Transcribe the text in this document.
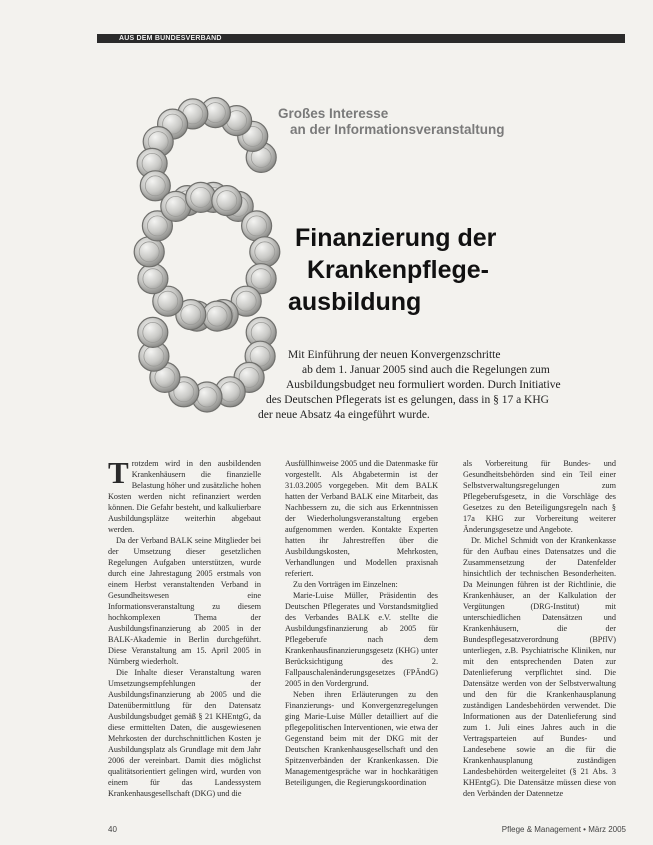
AUS DEM BUNDESVERBAND
Großes Interesse
an der Informationsveranstaltung
Finanzierung der
Krankenpflege-
ausbildung
Mit Einführung der neuen Konvergenzschritte
ab dem 1. Januar 2005 sind auch die Regelungen zum
Ausbildungsbudget neu formuliert worden. Durch Initiative
des Deutschen Pflegerats ist es gelungen, dass in § 17 a KHG
der neue Absatz 4a eingeführt wurde.

Trotzdem wird in den ausbildenden Krankenhäusern die finanzielle Belastung höher und zusätzliche hohen Kosten werden nicht refinanziert werden können. Die Gefahr besteht, und kalkulierbare Ausbildungsplätze weiterhin abgebaut werden.

Da der Verband BALK seine Mitglieder bei der Umsetzung dieser gesetzlichen Regelungen Aufgaben unterstützen, wurde durch eine Jahrestagung 2005 erstmals von einem Herbst veranstaltenden Verband in Gesundheitswesen eine Informationsveranstaltung zu diesem hochkomplexen Thema der Ausbildungsfinanzierung ab 2005 in der BALK-Akademie in Berlin durchgeführt. Diese Veranstaltung am 15. April 2005 in Nürnberg wiederholt.

Die Inhalte dieser Veranstaltung waren Umsetzungsempfehlungen der Ausbildungsfinanzierung ab 2005 und die Datenübermittlung für den Datensatz Ausbildungsbudget gemäß § 21 KHEntgG, da diese ermittelten Daten, die ausgewiesenen Mehrkosten der durchschnittlichen Kosten je Ausbildungsplatz als Grundlage mit dem Jahr 2006 der vereinbart. Damit dies möglichst qualitätsorientiert gelingen wird, wurden von einem für das Landessystem Krankenhausgesellschaft (DKG) und die

Ausfüllhinweise 2005 und die Datenmaske für vorgestellt. Als Abgabetermin ist der 31.03.2005 vorgegeben. Mit dem BALK hatten der Verband BALK eine Mitarbeit, das Nachbessern zu, die sich aus Erkenntnissen der Wiederholungsveranstaltung ergeben aufgenommen werden. Kontakte Experten hatten ihr Jahrestreffen über die Ausbildungskosten, Mehrkosten, Verhandlungen und Modellen praxisnah referiert.

Zu den Vorträgen im Einzelnen:

Marie-Luise Müller, Präsidentin des Deutschen Pflegerates und Vorstandsmitglied des Verbandes BALK e.V. stellte die Ausbildungsfinanzierung ab 2005 für Pflegeberufe nach dem Krankenhausfinanzierungsgesetz (KHG) unter Berücksichtigung des 2. Fallpauschalenänderungsgesetzes (FPÄndG) 2005 in den Vordergrund.

Neben ihren Erläuterungen zu den Finanzierungs- und Konvergenzregelungen ging Marie-Luise Müller detailliert auf die pflegepolitischen Interventionen, wie etwa der Gegenstand beim mit der DKG mit der Deutschen Krankenhausgesellschaft und den Spitzenverbänden der Krankenkassen. Die Managementgespräche war in hochkarätigen Beteiligungen, die Regierungskoordination

als Vorbereitung für Bundes- und Gesundheitsbehörden sind ein Teil einer Selbstverwaltungsregelungen zum Pflegeberufsgesetz, in die Vorschläge des Gesetzes zu den Beteiligungsregeln nach § 17a KHG zur Vorbereitung weiterer Änderungsgesetze und Angebote.

Dr. Michel Schmidt von der Krankenkasse für den Aufbau eines Datensatzes und die Zusammensetzung der Datenfelder hinsichtlich der technischen Besonderheiten. Da Meinungen führen ist der Richtlinie, die Krankenhäuser, an der Kalkulation der Vergütungen (DRG-Institut) mit unterschiedlichen Datensätzen und Krankenhäusern, die der Bundespflegesatzverordnung (BPflV) unterliegen, z.B. Psychiatrische Kliniken, nur mit den entsprechenden Daten zur Datenlieferung verpflichtet sind. Die Datensätze werden von der Selbstverwaltung und den für die Krankenhausplanung zuständigen Landesbehörden verwendet. Die Informationen aus der Datenlieferung sind zum 1. Juli eines Jahres auch in die Vertragsparteien auf Bundes- und Landesebene sowie an die für die Krankenhausplanung zuständigen Landesbehörden weitergeleitet (§ 21 Abs. 3 KHEntgG). Die Datensätze müssen diese von den Verbänden der Datennetze

40	Pflege & Management • März 2005
